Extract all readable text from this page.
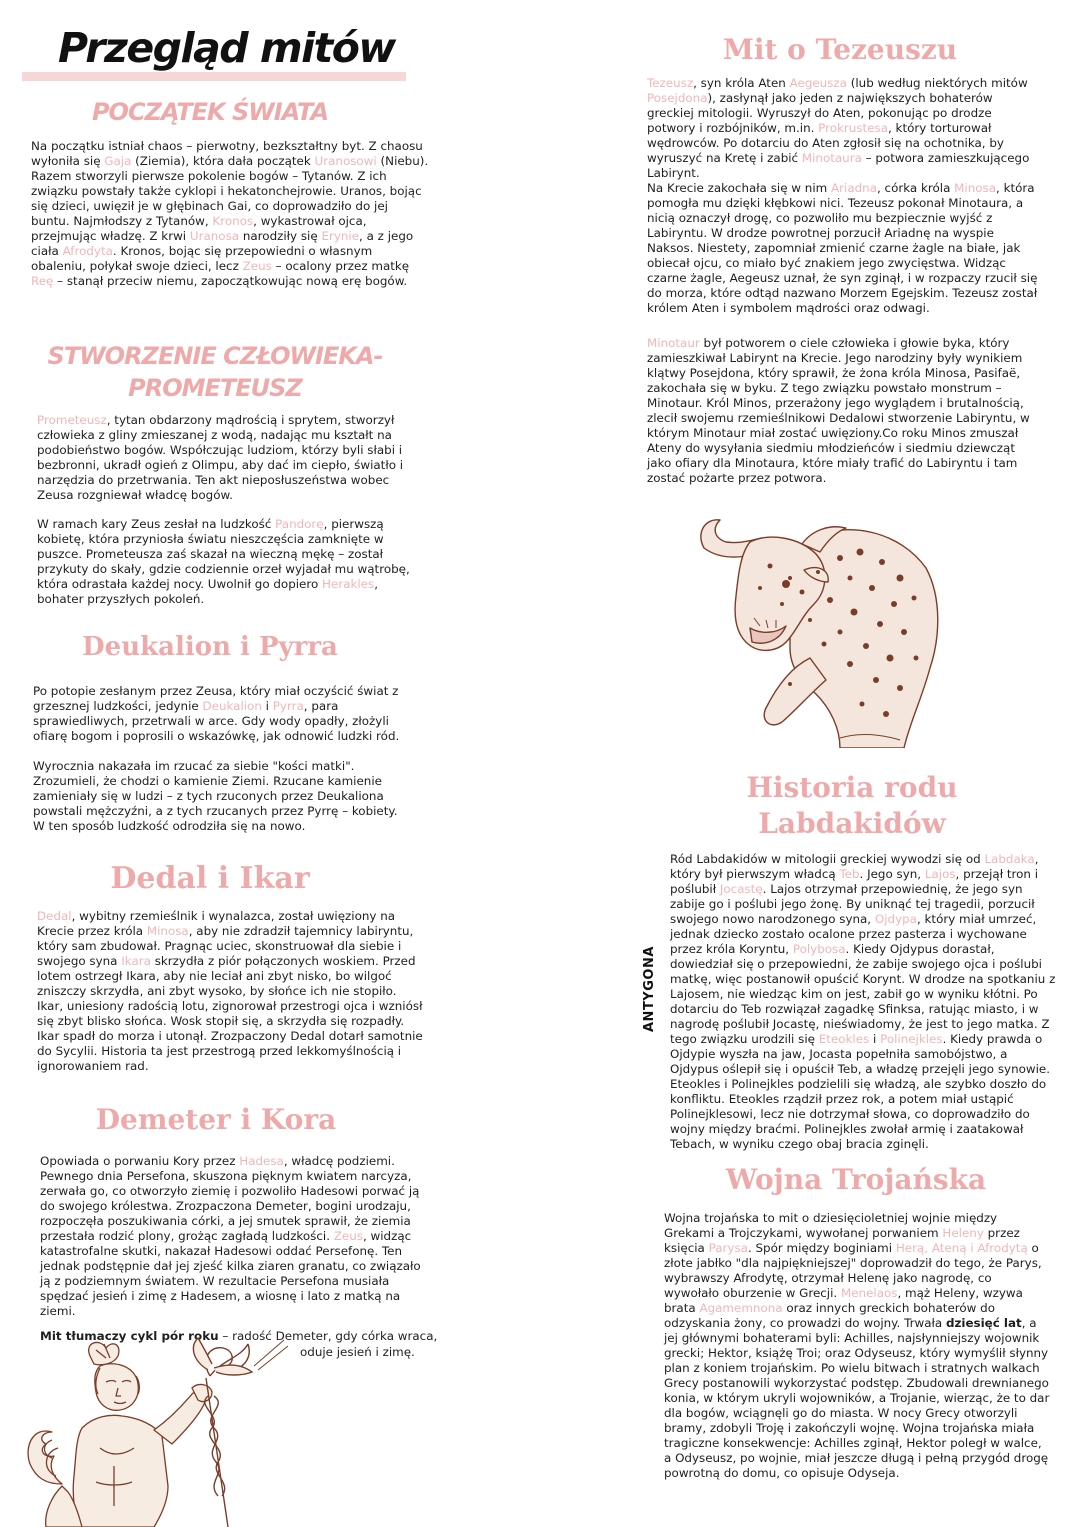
Przegląd mitów
POCZĄTEK ŚWIATA

Na początku istniał chaos – pierwotny, bezkształtny byt. Z chaosu wyłoniła się Gaja (Ziemia), która dała początek Uranosowi (Niebu). Razem stworzyli pierwsze pokolenie bogów – Tytanów. Z ich związku powstały także cyklopi i hekatonchejrowie. Uranos, bojąc się dzieci, uwięził je w głębinach Gai, co doprowadziło do jej buntu. Najmłodszy z Tytanów, Kronos, wykastrował ojca, przejmując władzę. Z krwi Uranosa narodziły się Erynie, a z jego ciała Afrodyta. Kronos, bojąc się przepowiedni o własnym obaleniu, połykał swoje dzieci, lecz Zeus – ocalony przez matkę Reę – stanął przeciw niemu, zapoczątkowując nową erę bogów.

STWORZENIE CZŁOWIEKA-
PROMETEUSZ

Prometeusz, tytan obdarzony mądrością i sprytem, stworzył człowieka z gliny zmieszanej z wodą, nadając mu kształt na podobieństwo bogów. Współczując ludziom, którzy byli słabi i bezbronni, ukradł ogień z Olimpu, aby dać im ciepło, światło i narzędzia do przetrwania. Ten akt nieposłuszeństwa wobec Zeusa rozgniewał władcę bogów.

W ramach kary Zeus zesłał na ludzkość Pandorę, pierwszą kobietę, która przyniosła światu nieszczęścia zamknięte w puszce. Prometeusza zaś skazał na wieczną mękę – został przykuty do skały, gdzie codziennie orzeł wyjadał mu wątrobę, która odrastała każdej nocy. Uwolnił go dopiero Herakles, bohater przyszłych pokoleń.

Deukalion i Pyrra

Po potopie zesłanym przez Zeusa, który miał oczyścić świat z grzesznej ludzkości, jedynie Deukalion i Pyrra, para sprawiedliwych, przetrwali w arce. Gdy wody opadły, złożyli ofiarę bogom i poprosili o wskazówkę, jak odnowić ludzki ród.

Wyrocznia nakazała im rzucać za siebie "kości matki". Zrozumieli, że chodzi o kamienie Ziemi. Rzucane kamienie zamieniały się w ludzi – z tych rzuconych przez Deukaliona powstali mężczyźni, a z tych rzucanych przez Pyrrę – kobiety. W ten sposób ludzkość odrodziła się na nowo.

Dedal i Ikar

Dedal, wybitny rzemieślnik i wynalazca, został uwięziony na Krecie przez króla Minosa, aby nie zdradził tajemnicy labiryntu, który sam zbudował. Pragnąc uciec, skonstruował dla siebie i swojego syna Ikara skrzydła z piór połączonych woskiem. Przed lotem ostrzegł Ikara, aby nie leciał ani zbyt nisko, bo wilgoć zniszczy skrzydła, ani zbyt wysoko, by słońce ich nie stopiło. Ikar, uniesiony radością lotu, zignorował przestrogi ojca i wzniósł się zbyt blisko słońca. Wosk stopił się, a skrzydła się rozpadły. Ikar spadł do morza i utonął. Zrozpaczony Dedal dotarł samotnie do Sycylii. Historia ta jest przestrogą przed lekkomyślnością i ignorowaniem rad.

Demeter i Kora

Opowiada o porwaniu Kory przez Hadesa, władcę podziemi. Pewnego dnia Persefona, skuszona pięknym kwiatem narcyza, zerwała go, co otworzyło ziemię i pozwoliło Hadesowi porwać ją do swojego królestwa. Zrozpaczona Demeter, bogini urodzaju, rozpoczęła poszukiwania córki, a jej smutek sprawił, że ziemia przestała rodzić plony, grożąc zagładą ludzkości. Zeus, widząc katastrofalne skutki, nakazał Hadesowi oddać Persefonę. Ten jednak podstępnie dał jej zjeść kilka ziaren granatu, co związało ją z podziemnym światem. W rezultacie Persefona musiała spędzać jesień i zimę z Hadesem, a wiosnę i lato z matką na ziemi.

Mit tłumaczy cykl pór roku – radość Demeter, gdy córka wraca,
oduje jesień i zimę.
Mit o Tezeuszu

Tezeusz, syn króla Aten Aegeusza (lub według niektórych mitów Posejdona), zasłynął jako jeden z największych bohaterów greckiej mitologii. Wyruszył do Aten, pokonując po drodze potwory i rozbójników, m.in. Prokrustesa, który torturował wędrowców. Po dotarciu do Aten zgłosił się na ochotnika, by wyruszyć na Kretę i zabić Minotaura – potwora zamieszkującego Labirynt.

Na Krecie zakochała się w nim Ariadna, córka króla Minosa, która pomogła mu dzięki kłębkowi nici. Tezeusz pokonał Minotaura, a nicią oznaczył drogę, co pozwoliło mu bezpiecznie wyjść z Labiryntu. W drodze powrotnej porzucił Ariadnę na wyspie Naksos. Niestety, zapomniał zmienić czarne żagle na białe, jak obiecał ojcu, co miało być znakiem jego zwycięstwa. Widząc czarne żagle, Aegeusz uznał, że syn zginął, i w rozpaczy rzucił się do morza, które odtąd nazwano Morzem Egejskim. Tezeusz został królem Aten i symbolem mądrości oraz odwagi.

Minotaur był potworem o ciele człowieka i głowie byka, który zamieszkiwał Labirynt na Krecie. Jego narodziny były wynikiem klątwy Posejdona, który sprawił, że żona króla Minosa, Pasifaë, zakochała się w byku. Z tego związku powstało monstrum – Minotaur. Król Minos, przerażony jego wyglądem i brutalnością, zlecił swojemu rzemieślnikowi Dedalowi stworzenie Labiryntu, w którym Minotaur miał zostać uwięziony.Co roku Minos zmuszał Ateny do wysyłania siedmiu młodzieńców i siedmiu dziewcząt jako ofiary dla Minotaura, które miały trafić do Labiryntu i tam zostać pożarte przez potwora.

Historia rodu
Labdakidów
ANTYGONA

Ród Labdakidów w mitologii greckiej wywodzi się od Labdaka, który był pierwszym władcą Teb. Jego syn, Lajos, przejął tron i poślubił Jocastę. Lajos otrzymał przepowiednię, że jego syn zabije go i poślubi jego żonę. By uniknąć tej tragedii, porzucił swojego nowo narodzonego syna, Ojdypa, który miał umrzeć, jednak dziecko zostało ocalone przez pasterza i wychowane przez króla Koryntu, Polybosa. Kiedy Ojdypus dorastał, dowiedział się o przepowiedni, że zabije swojego ojca i poślubi matkę, więc postanowił opuścić Korynt. W drodze na spotkaniu z Lajosem, nie wiedząc kim on jest, zabił go w wyniku kłótni. Po dotarciu do Teb rozwiązał zagadkę Sfinksa, ratując miasto, i w nagrodę poślubił Jocastę, nieświadomy, że jest to jego matka. Z tego związku urodzili się Eteokles i Polinejkles. Kiedy prawda o Ojdypie wyszła na jaw, Jocasta popełniła samobójstwo, a Ojdypus oślepił się i opuścił Teb, a władzę przejęli jego synowie. Eteokles i Polinejkles podzielili się władzą, ale szybko doszło do konfliktu. Eteokles rządził przez rok, a potem miał ustąpić Polinejklesowi, lecz nie dotrzymał słowa, co doprowadziło do wojny między braćmi. Polinejkles zwołał armię i zaatakował Tebach, w wyniku czego obaj bracia zginęli.

Wojna Trojańska

Wojna trojańska to mit o dziesięcioletniej wojnie między Grekami a Trojczykami, wywołanej porwaniem Heleny przez księcia Parysa. Spór między boginiami Herą, Ateną i Afrodytą o złote jabłko "dla najpiękniejszej" doprowadził do tego, że Parys, wybrawszy Afrodytę, otrzymał Helenę jako nagrodę, co wywołało oburzenie w Grecji. Menelaos, mąż Heleny, wzywa brata Agamemnona oraz innych greckich bohaterów do odzyskania żony, co prowadzi do wojny. Trwała dziesięć lat, a jej głównymi bohaterami byli: Achilles, najsłynniejszy wojownik grecki; Hektor, książę Troi; oraz Odyseusz, który wymyślił słynny plan z koniem trojańskim. Po wielu bitwach i stratnych walkach Grecy postanowili wykorzystać podstęp. Zbudowali drewnianego konia, w którym ukryli wojowników, a Trojanie, wierząc, że to dar dla bogów, wciągnęli go do miasta. W nocy Grecy otworzyli bramy, zdobyli Troję i zakończyli wojnę. Wojna trojańska miała tragiczne konsekwencje: Achilles zginął, Hektor poległ w walce, a Odyseusz, po wojnie, miał jeszcze długą i pełną przygód drogę powrotną do domu, co opisuje Odyseja.
